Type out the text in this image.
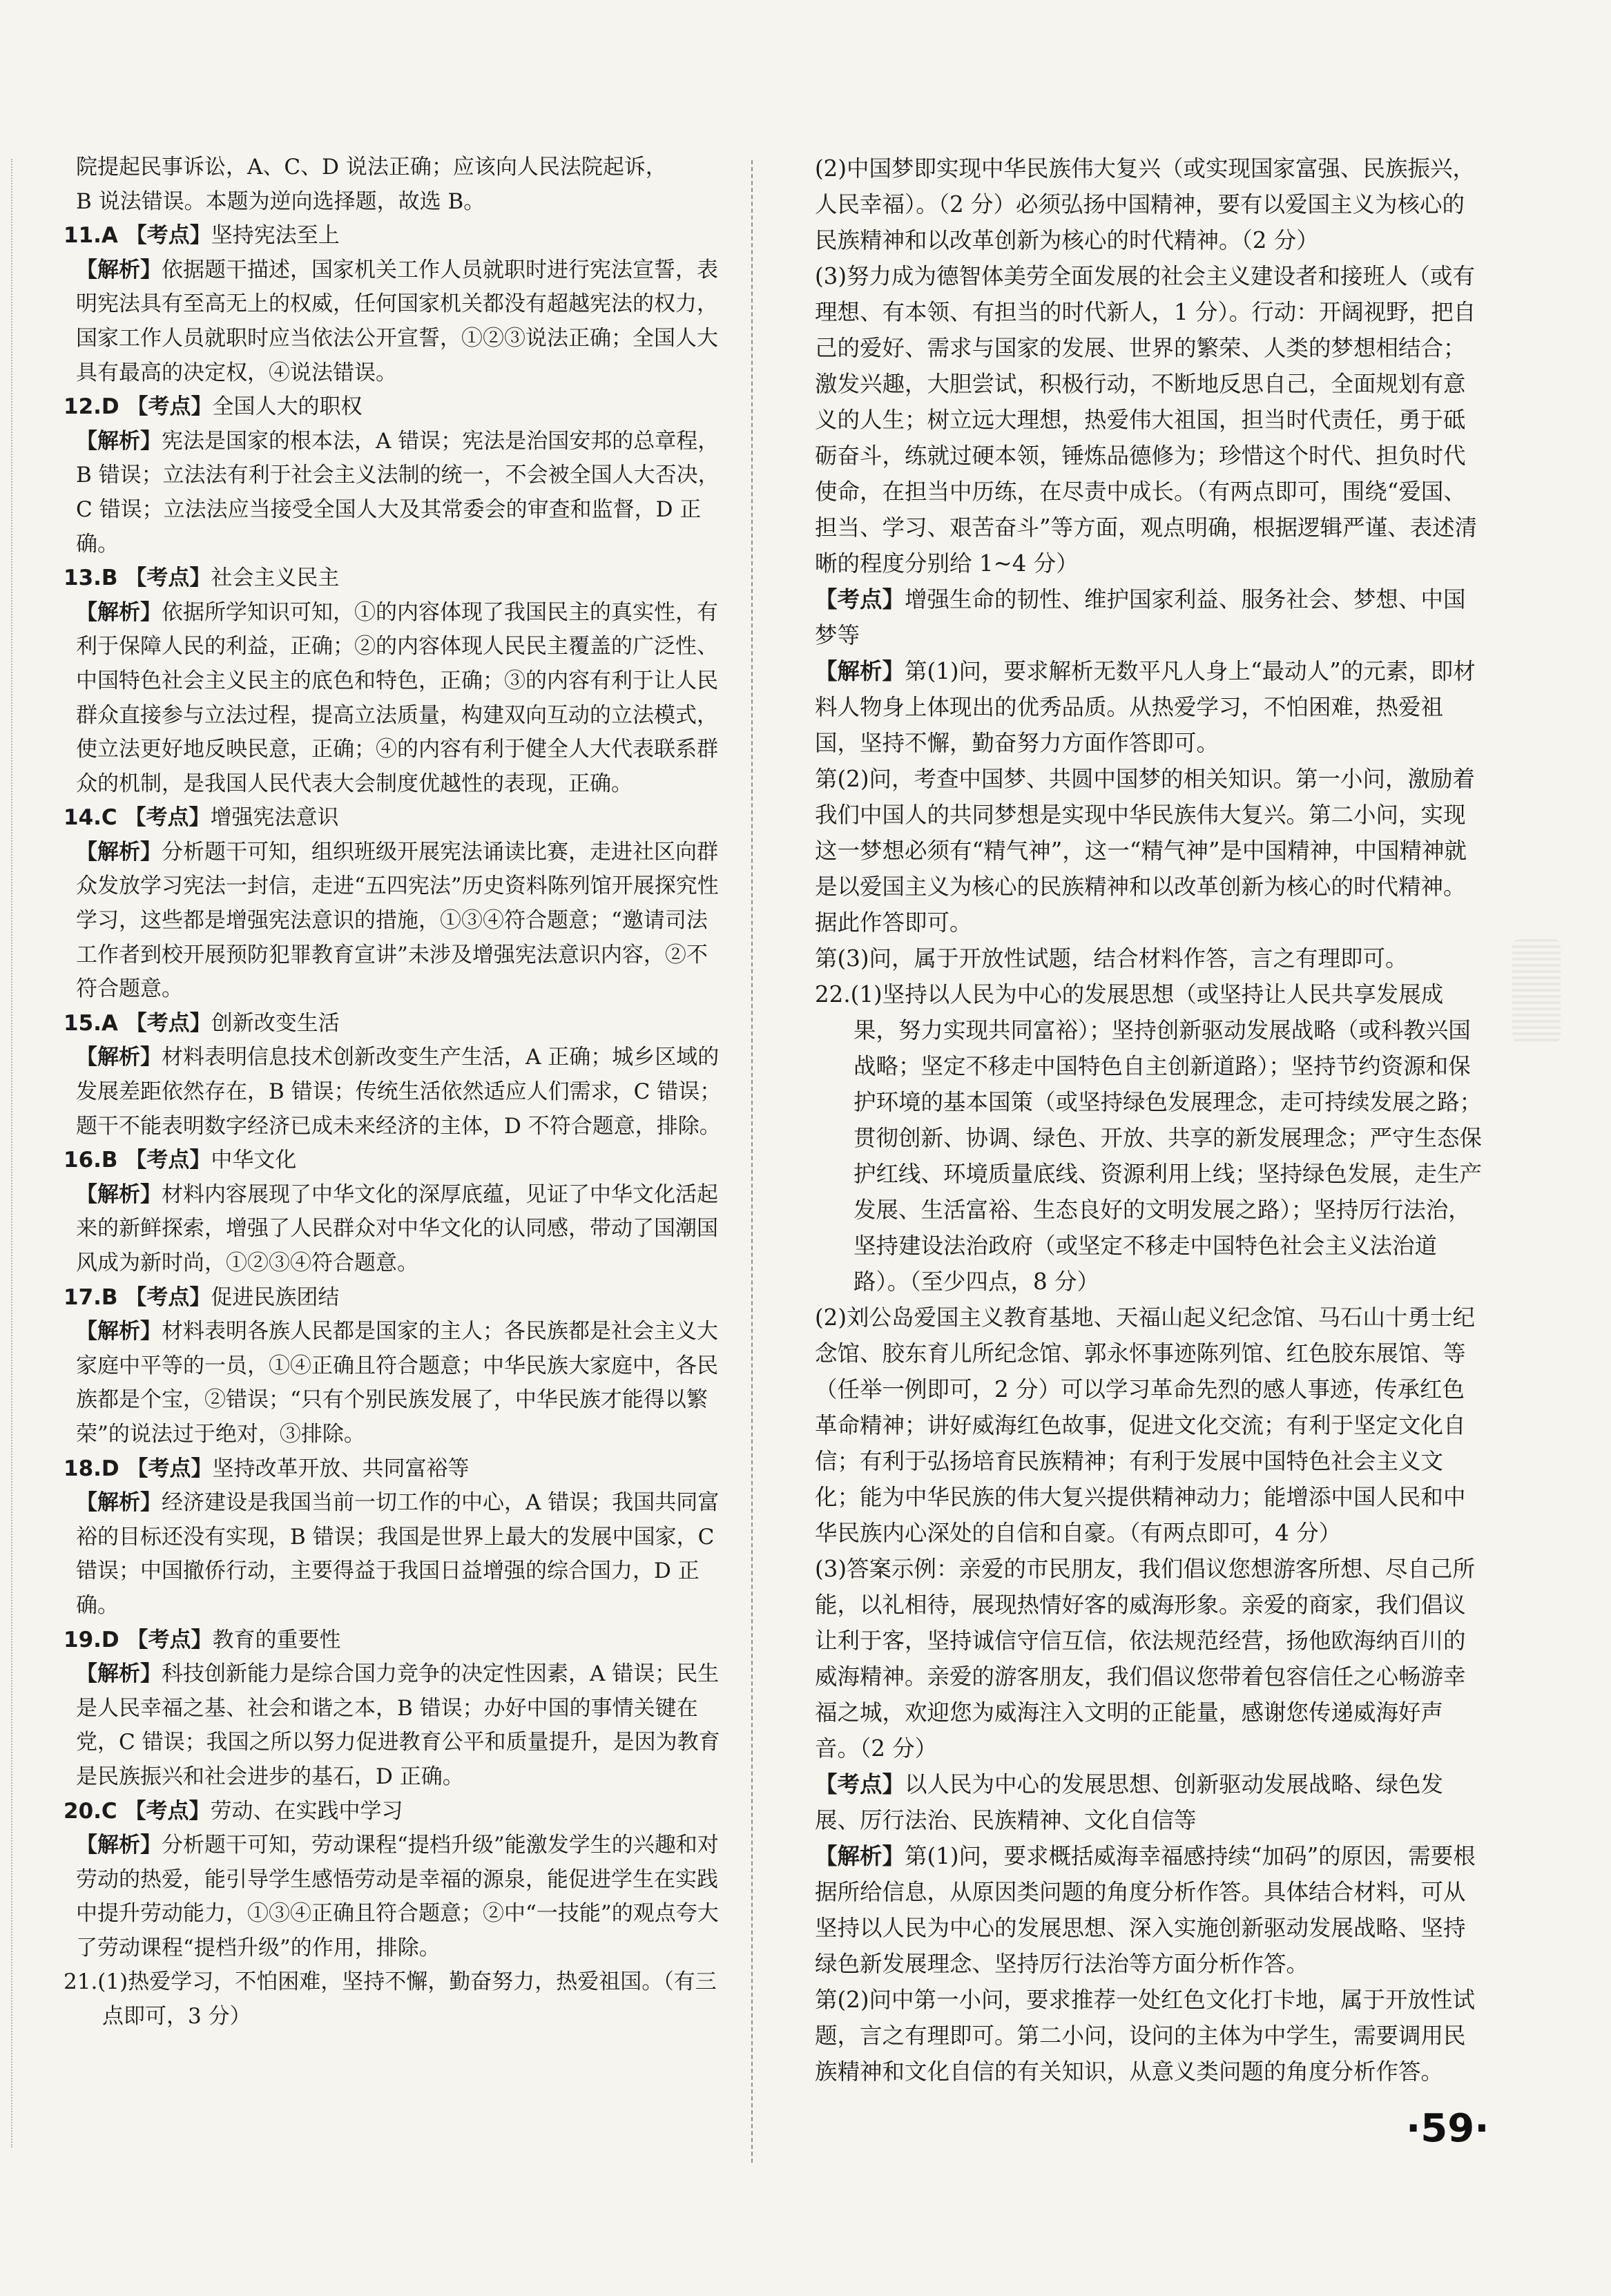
院提起民事诉讼，A、C、D 说法正确；应该向人民法院起诉，

B 说法错误。本题为逆向选择题，故选 B。

11.A 【考点】坚持宪法至上

【解析】依据题干描述，国家机关工作人员就职时进行宪法宣誓，表明宪法具有至高无上的权威，任何国家机关都没有超越宪法的权力，国家工作人员就职时应当依法公开宣誓，①②③说法正确；全国人大具有最高的决定权，④说法错误。

12.D 【考点】全国人大的职权

【解析】宪法是国家的根本法，A 错误；宪法是治国安邦的总章程，B 错误；立法法有利于社会主义法制的统一，不会被全国人大否决，C 错误；立法法应当接受全国人大及其常委会的审查和监督，D 正确。

13.B 【考点】社会主义民主

【解析】依据所学知识可知，①的内容体现了我国民主的真实性，有利于保障人民的利益，正确；②的内容体现人民民主覆盖的广泛性、中国特色社会主义民主的底色和特色，正确；③的内容有利于让人民群众直接参与立法过程，提高立法质量，构建双向互动的立法模式，使立法更好地反映民意，正确；④的内容有利于健全人大代表联系群众的机制，是我国人民代表大会制度优越性的表现，正确。

14.C 【考点】增强宪法意识

【解析】分析题干可知，组织班级开展宪法诵读比赛，走进社区向群众发放学习宪法一封信，走进“五四宪法”历史资料陈列馆开展探究性学习，这些都是增强宪法意识的措施，①③④符合题意；“邀请司法工作者到校开展预防犯罪教育宣讲”未涉及增强宪法意识内容，②不符合题意。

15.A 【考点】创新改变生活

【解析】材料表明信息技术创新改变生产生活，A 正确；城乡区域的发展差距依然存在，B 错误；传统生活依然适应人们需求，C 错误；题干不能表明数字经济已成未来经济的主体，D 不符合题意，排除。

16.B 【考点】中华文化

【解析】材料内容展现了中华文化的深厚底蕴，见证了中华文化活起来的新鲜探索，增强了人民群众对中华文化的认同感，带动了国潮国风成为新时尚，①②③④符合题意。

17.B 【考点】促进民族团结

【解析】材料表明各族人民都是国家的主人；各民族都是社会主义大家庭中平等的一员，①④正确且符合题意；中华民族大家庭中，各民族都是个宝，②错误；“只有个别民族发展了，中华民族才能得以繁荣”的说法过于绝对，③排除。

18.D 【考点】坚持改革开放、共同富裕等

【解析】经济建设是我国当前一切工作的中心，A 错误；我国共同富裕的目标还没有实现，B 错误；我国是世界上最大的发展中国家，C 错误；中国撤侨行动，主要得益于我国日益增强的综合国力，D 正确。

19.D 【考点】教育的重要性

【解析】科技创新能力是综合国力竞争的决定性因素，A 错误；民生是人民幸福之基、社会和谐之本，B 错误；办好中国的事情关键在党，C 错误；我国之所以努力促进教育公平和质量提升，是因为教育是民族振兴和社会进步的基石，D 正确。

20.C 【考点】劳动、在实践中学习

【解析】分析题干可知，劳动课程“提档升级”能激发学生的兴趣和对劳动的热爱，能引导学生感悟劳动是幸福的源泉，能促进学生在实践中提升劳动能力，①③④正确且符合题意；②中“一技能”的观点夸大了劳动课程“提档升级”的作用，排除。

21.(1)热爱学习，不怕困难，坚持不懈，勤奋努力，热爱祖国。（有三点即可，3 分）

(2)中国梦即实现中华民族伟大复兴（或实现国家富强、民族振兴，人民幸福）。（2 分）必须弘扬中国精神，要有以爱国主义为核心的民族精神和以改革创新为核心的时代精神。（2 分）

(3)努力成为德智体美劳全面发展的社会主义建设者和接班人（或有理想、有本领、有担当的时代新人，1 分）。行动：开阔视野，把自己的爱好、需求与国家的发展、世界的繁荣、人类的梦想相结合；激发兴趣，大胆尝试，积极行动，不断地反思自己，全面规划有意义的人生；树立远大理想，热爱伟大祖国，担当时代责任，勇于砥砺奋斗，练就过硬本领，锤炼品德修为；珍惜这个时代、担负时代使命，在担当中历练，在尽责中成长。（有两点即可，围绕“爱国、担当、学习、艰苦奋斗”等方面，观点明确，根据逻辑严谨、表述清晰的程度分别给 1~4 分）

【考点】增强生命的韧性、维护国家利益、服务社会、梦想、中国梦等

【解析】第(1)问，要求解析无数平凡人身上“最动人”的元素，即材料人物身上体现出的优秀品质。从热爱学习，不怕困难，热爱祖国，坚持不懈，勤奋努力方面作答即可。

第(2)问，考查中国梦、共圆中国梦的相关知识。第一小问，激励着我们中国人的共同梦想是实现中华民族伟大复兴。第二小问，实现这一梦想必须有“精气神”，这一“精气神”是中国精神，中国精神就是以爱国主义为核心的民族精神和以改革创新为核心的时代精神。据此作答即可。

第(3)问，属于开放性试题，结合材料作答，言之有理即可。

22.(1)坚持以人民为中心的发展思想（或坚持让人民共享发展成果，努力实现共同富裕）；坚持创新驱动发展战略（或科教兴国战略；坚定不移走中国特色自主创新道路）；坚持节约资源和保护环境的基本国策（或坚持绿色发展理念，走可持续发展之路；贯彻创新、协调、绿色、开放、共享的新发展理念；严守生态保护红线、环境质量底线、资源利用上线；坚持绿色发展，走生产发展、生活富裕、生态良好的文明发展之路）；坚持厉行法治，坚持建设法治政府（或坚定不移走中国特色社会主义法治道路）。（至少四点，8 分）

(2)刘公岛爱国主义教育基地、天福山起义纪念馆、马石山十勇士纪念馆、胶东育儿所纪念馆、郭永怀事迹陈列馆、红色胶东展馆、等（任举一例即可，2 分）可以学习革命先烈的感人事迹，传承红色革命精神；讲好威海红色故事，促进文化交流；有利于坚定文化自信；有利于弘扬培育民族精神；有利于发展中国特色社会主义文化；能为中华民族的伟大复兴提供精神动力；能增添中国人民和中华民族内心深处的自信和自豪。（有两点即可，4 分）

(3)答案示例：亲爱的市民朋友，我们倡议您想游客所想、尽自己所能，以礼相待，展现热情好客的威海形象。亲爱的商家，我们倡议让利于客，坚持诚信守信互信，依法规范经营，扬他欧海纳百川的威海精神。亲爱的游客朋友，我们倡议您带着包容信任之心畅游幸福之城，欢迎您为威海注入文明的正能量，感谢您传递威海好声音。（2 分）

【考点】以人民为中心的发展思想、创新驱动发展战略、绿色发展、厉行法治、民族精神、文化自信等

【解析】第(1)问，要求概括威海幸福感持续“加码”的原因，需要根据所给信息，从原因类问题的角度分析作答。具体结合材料，可从坚持以人民为中心的发展思想、深入实施创新驱动发展战略、坚持绿色新发展理念、坚持厉行法治等方面分析作答。

第(2)问中第一小问，要求推荐一处红色文化打卡地，属于开放性试题，言之有理即可。第二小问，设问的主体为中学生，需要调用民族精神和文化自信的有关知识，从意义类问题的角度分析作答。

·59·
